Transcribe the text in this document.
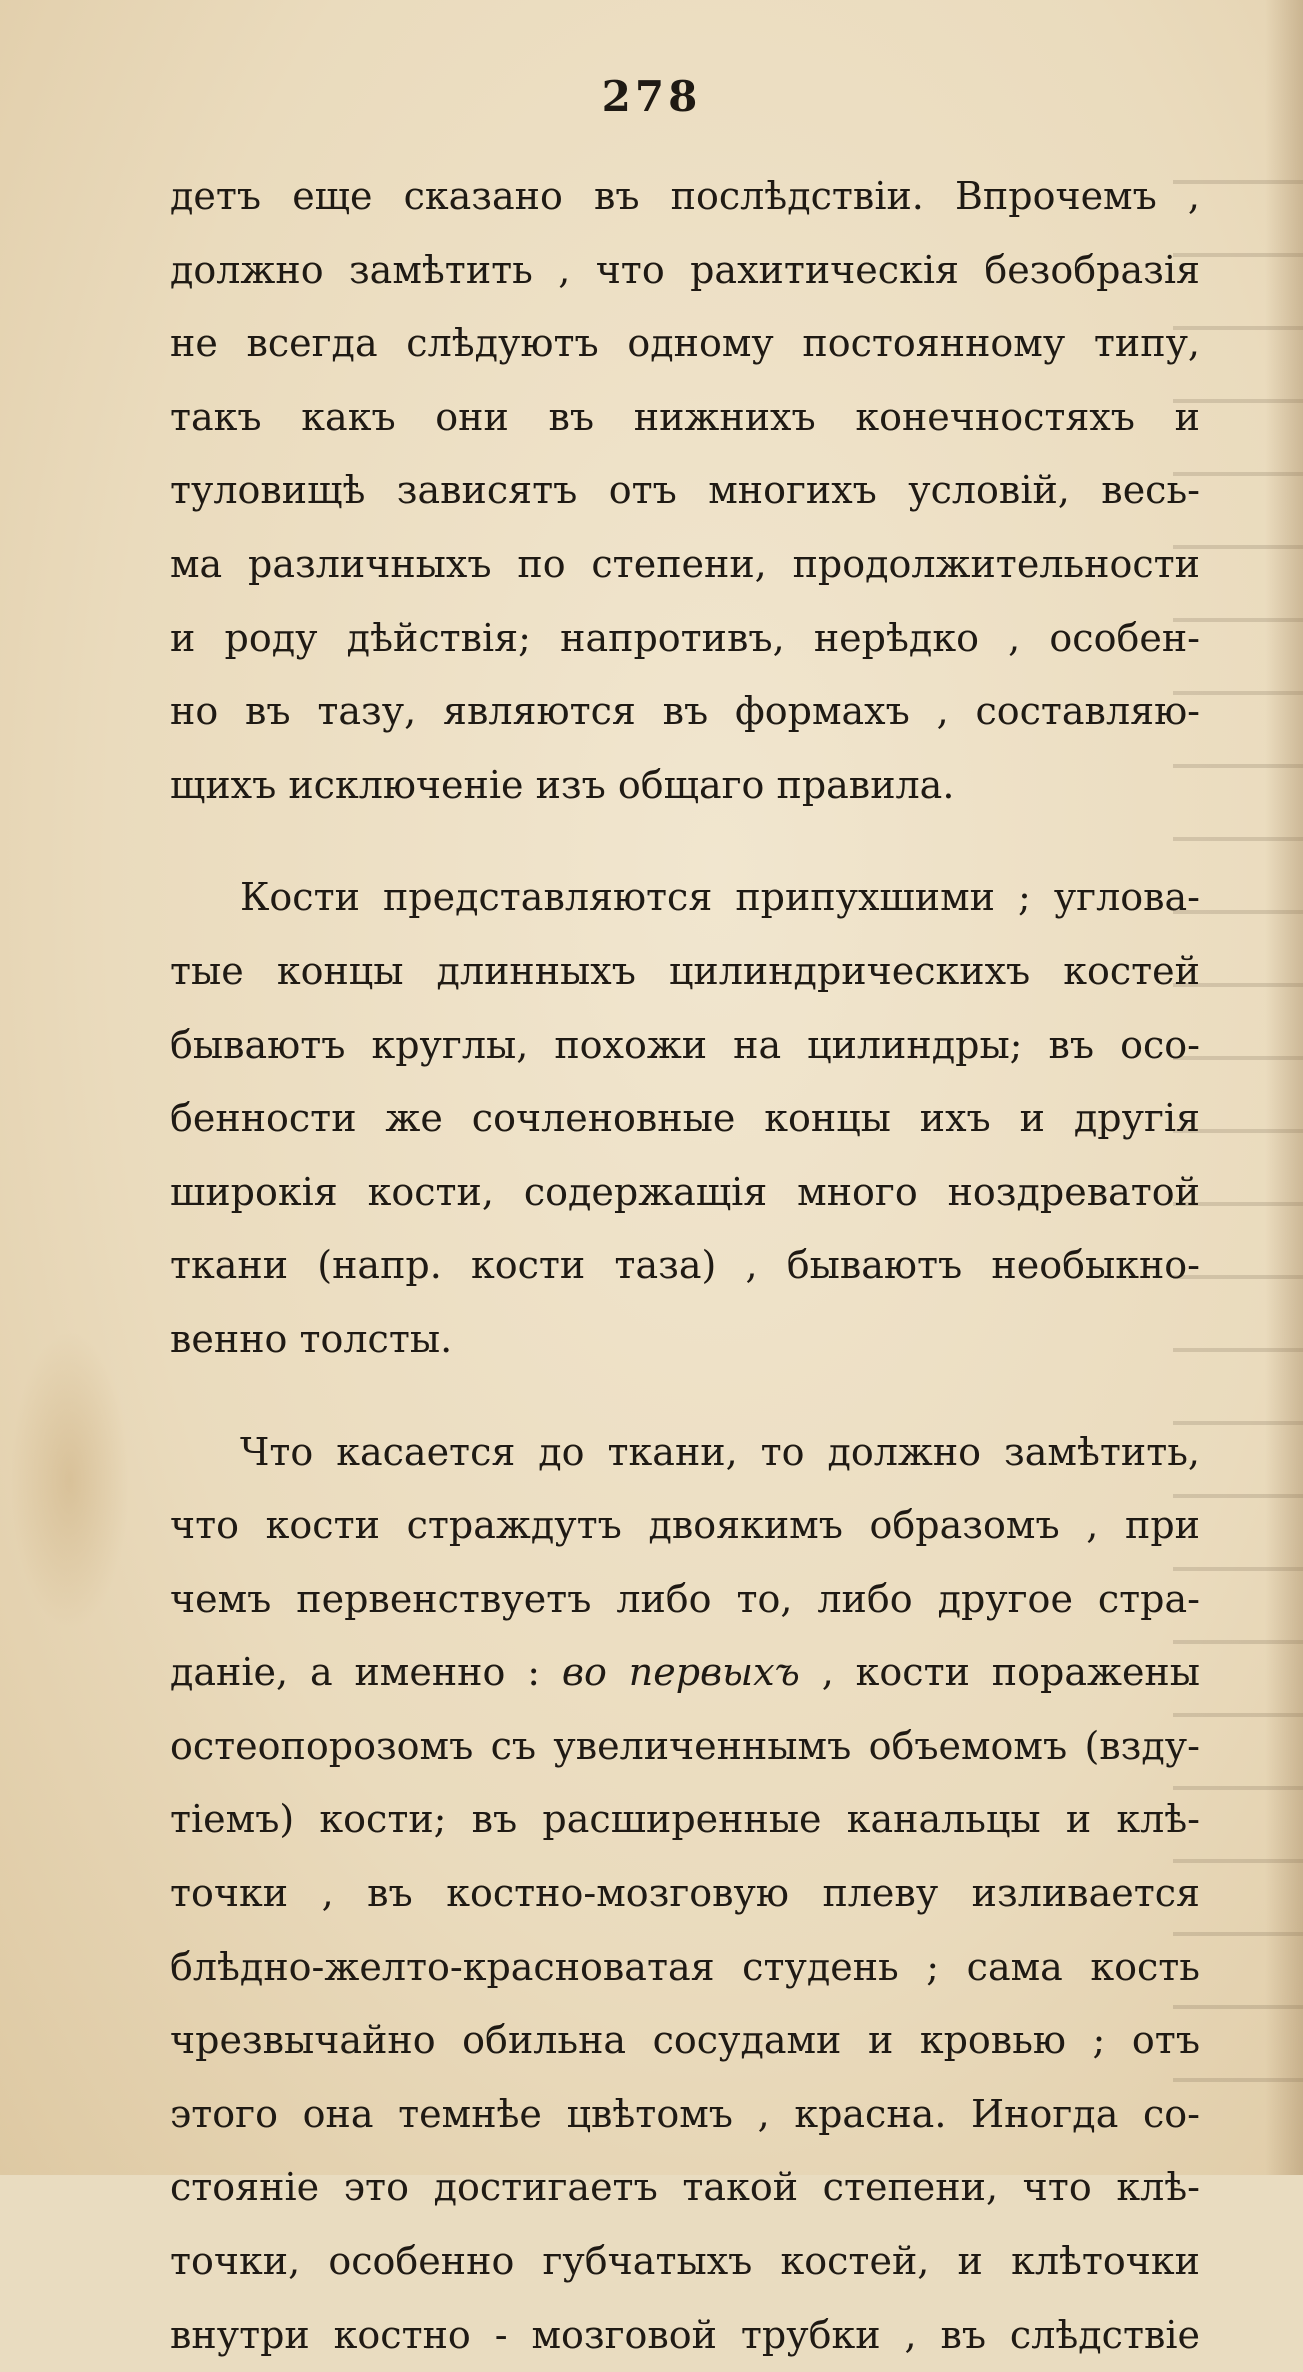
278
детъ еще сказано въ послѣдствіи. Впрочемъ ,
должно замѣтить , что рахитическія безобразія
не всегда слѣдуютъ одному постоянному типу,
такъ какъ они въ нижнихъ конечностяхъ и
туловищѣ зависятъ отъ многихъ условій, весь-
ма различныхъ по степени, продолжительности
и роду дѣйствія; напротивъ, нерѣдко , особен-
но въ тазу, являются въ формахъ , составляю-
щихъ исключеніе изъ общаго правила.
Кости представляются припухшими ; углова-
тые концы длинныхъ цилиндрическихъ костей
бываютъ круглы, похожи на цилиндры; въ осо-
бенности же сочленовные концы ихъ и другія
широкія кости, содержащія много ноздреватой
ткани (напр. кости таза) , бываютъ необыкно-
венно толсты.
Что касается до ткани, то должно замѣтить,
что кости страждутъ двоякимъ образомъ , при
чемъ первенствуетъ либо то, либо другое стра-
даніе, а именно : во первыхъ , кости поражены
остеопорозомъ съ увеличеннымъ объемомъ (взду-
тіемъ) кости; въ расширенные канальцы и клѣ-
точки , въ костно-мозговую плеву изливается
блѣдно-желто-красноватая студень ; сама кость
чрезвычайно обильна сосудами и кровью ; отъ
этого она темнѣе цвѣтомъ , красна. Иногда со-
стояніе это достигаетъ такой степени, что клѣ-
точки, особенно губчатыхъ костей, и клѣточки
внутри костно - мозговой трубки , въ слѣдствіе
